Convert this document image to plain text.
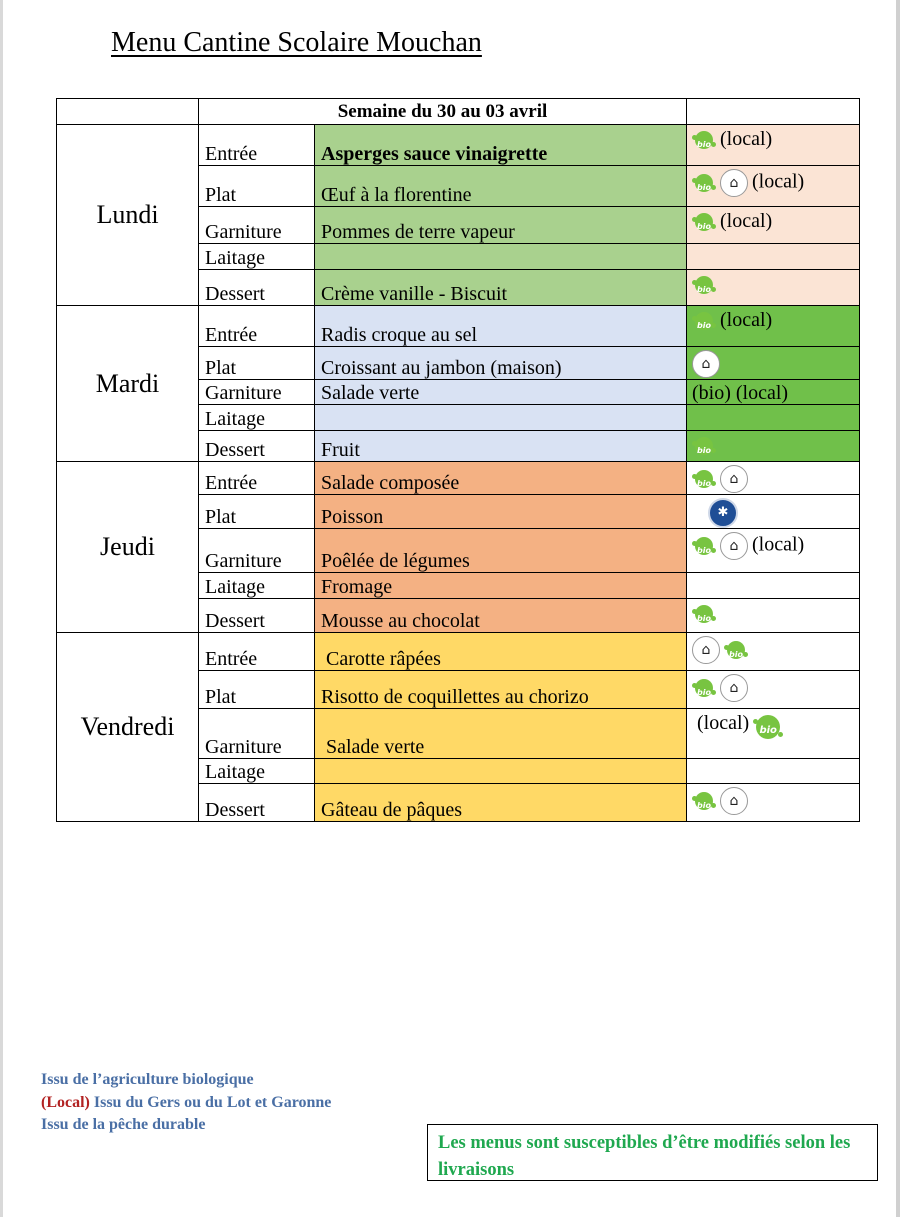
Menu Cantine Scolaire Mouchan
	Semaine du 30 au 03 avril		
Lundi	Entrée	Asperges sauce vinaigrette	bio (local)
	Plat	Œuf à la florentine	bio ⌂ (local)
	Garniture	Pommes de terre vapeur	bio (local)
	Laitage		
	Dessert	Crème vanille - Biscuit	bio

Mardi	Entrée	Radis croque au sel	bio (local)
	Plat	Croissant au jambon (maison)	⌂
	Garniture	Salade verte	(bio) (local)
	Laitage		
	Dessert	Fruit	bio

Jeudi	Entrée	Salade composée	bio ⌂
	Plat	Poisson	✱
	Garniture	Poêlée de légumes	bio ⌂ (local)
	Laitage	Fromage	
	Dessert	Mousse au chocolat	bio

Vendredi	Entrée	Carotte râpées	⌂ bio

	Plat	Risotto de coquillettes au chorizo	bio ⌂
	Garniture	Salade verte	(local) bio

	Laitage		
	Dessert	Gâteau de pâques	bio ⌂
Issu de l’agriculture biologique
(Local) Issu du Gers ou du Lot et Garonne
Issu de la pêche durable
Les menus sont susceptibles d’être modifiés selon les livraisons
